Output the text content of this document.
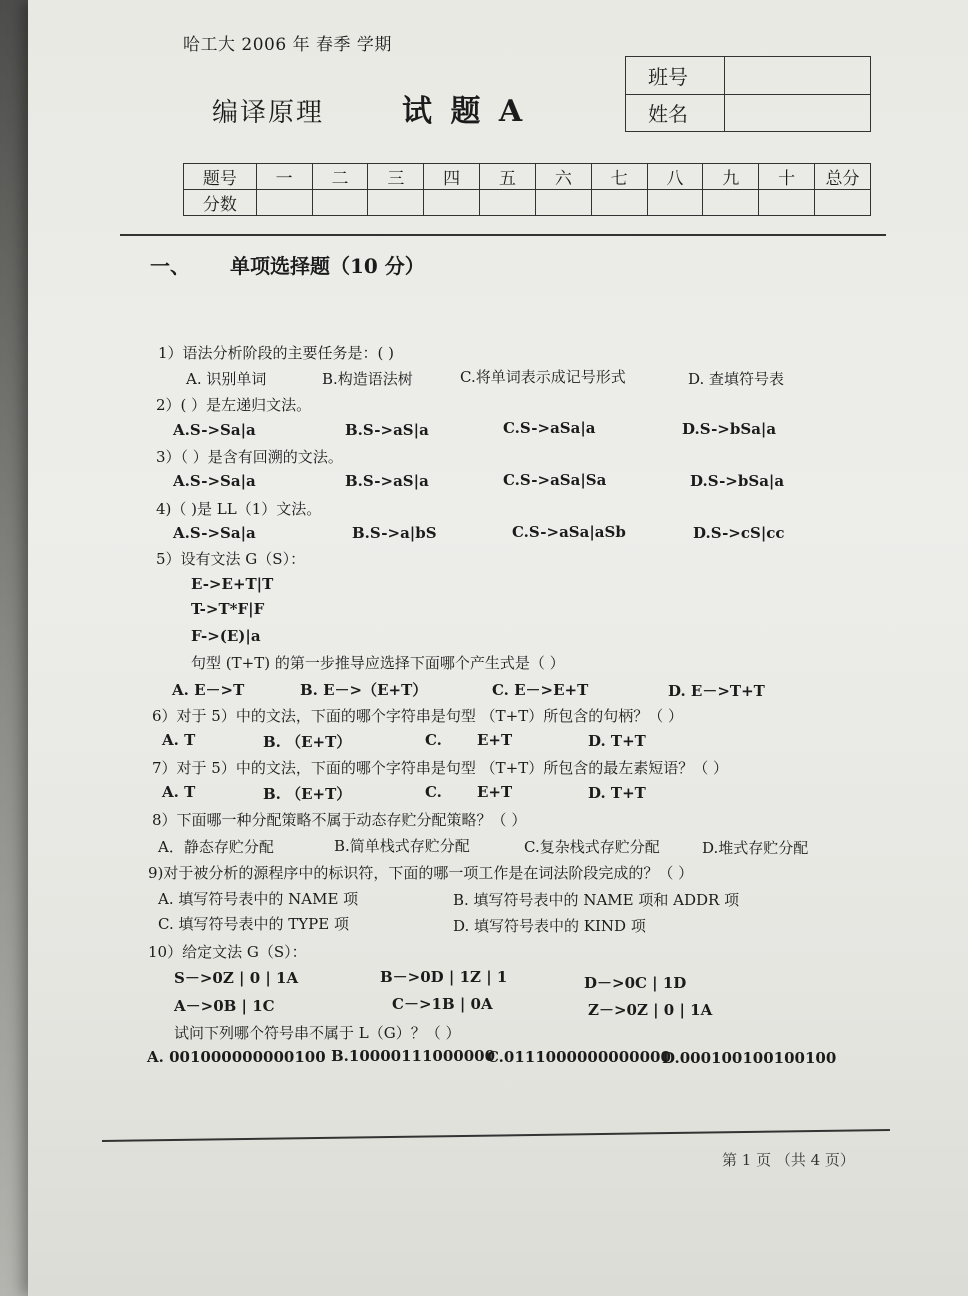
哈工大 2006 年 春季 学期
编译原理	试 题 A
班号	
姓名	
题号	一	二	三	四	五	六	七	八	九	十	总分
分数											
一、 单项选择题（10 分）
1）语法分析阶段的主要任务是：( )
A. 识别单词	B.构造语法树	C.将单词表示成记号形式	D. 查填符号表
2）( ）是左递归文法。
A.S->Sa|a	B.S->aS|a	C.S->aSa|a	D.S->bSa|a
3）（ ）是含有回溯的文法。
A.S->Sa|a	B.S->aS|a	C.S->aSa|Sa	D.S->bSa|a
4)（ )是 LL（1）文法。
A.S->Sa|a	B.S->a|bS	C.S->aSa|aSb	D.S->cS|cc
5）设有文法 G（S）：
E->E+T|T
T->T*F|F
F->(E)|a
句型 (T+T) 的第一步推导应选择下面哪个产生式是（ ）
A. E－>T	B. E－>（E+T）	C. E－>E+T	D. E－>T+T
6）对于 5）中的文法，下面的哪个字符串是句型 （T+T）所包含的句柄？（ ）
A. T	B. （E+T）	C. E+T	D. T+T
7）对于 5）中的文法，下面的哪个字符串是句型 （T+T）所包含的最左素短语？（ ）
A. T	B. （E+T）	C. E+T	D. T+T
8）下面哪一种分配策略不属于动态存贮分配策略？（ ）
A．静态存贮分配	B.简单栈式存贮分配	C.复杂栈式存贮分配	D.堆式存贮分配
9)对于被分析的源程序中的标识符，下面的哪一项工作是在词法阶段完成的？（ ）
A. 填写符号表中的 NAME 项	B. 填写符号表中的 NAME 项和 ADDR 项
C. 填写符号表中的 TYPE 项	D. 填写符号表中的 KIND 项
10）给定文法 G（S）：
S－>0Z | 0 | 1A	B－>0D | 1Z | 1	D－>0C | 1D
A－>0B | 1C	C－>1B | 0A	Z－>0Z | 0 | 1A
试问下列哪个符号串不属于 L（G）？（ ）
A. 001000000000100 B.10000111000000
C.0111000000000000
D.000100100100100
第 1 页 （共 4 页）
